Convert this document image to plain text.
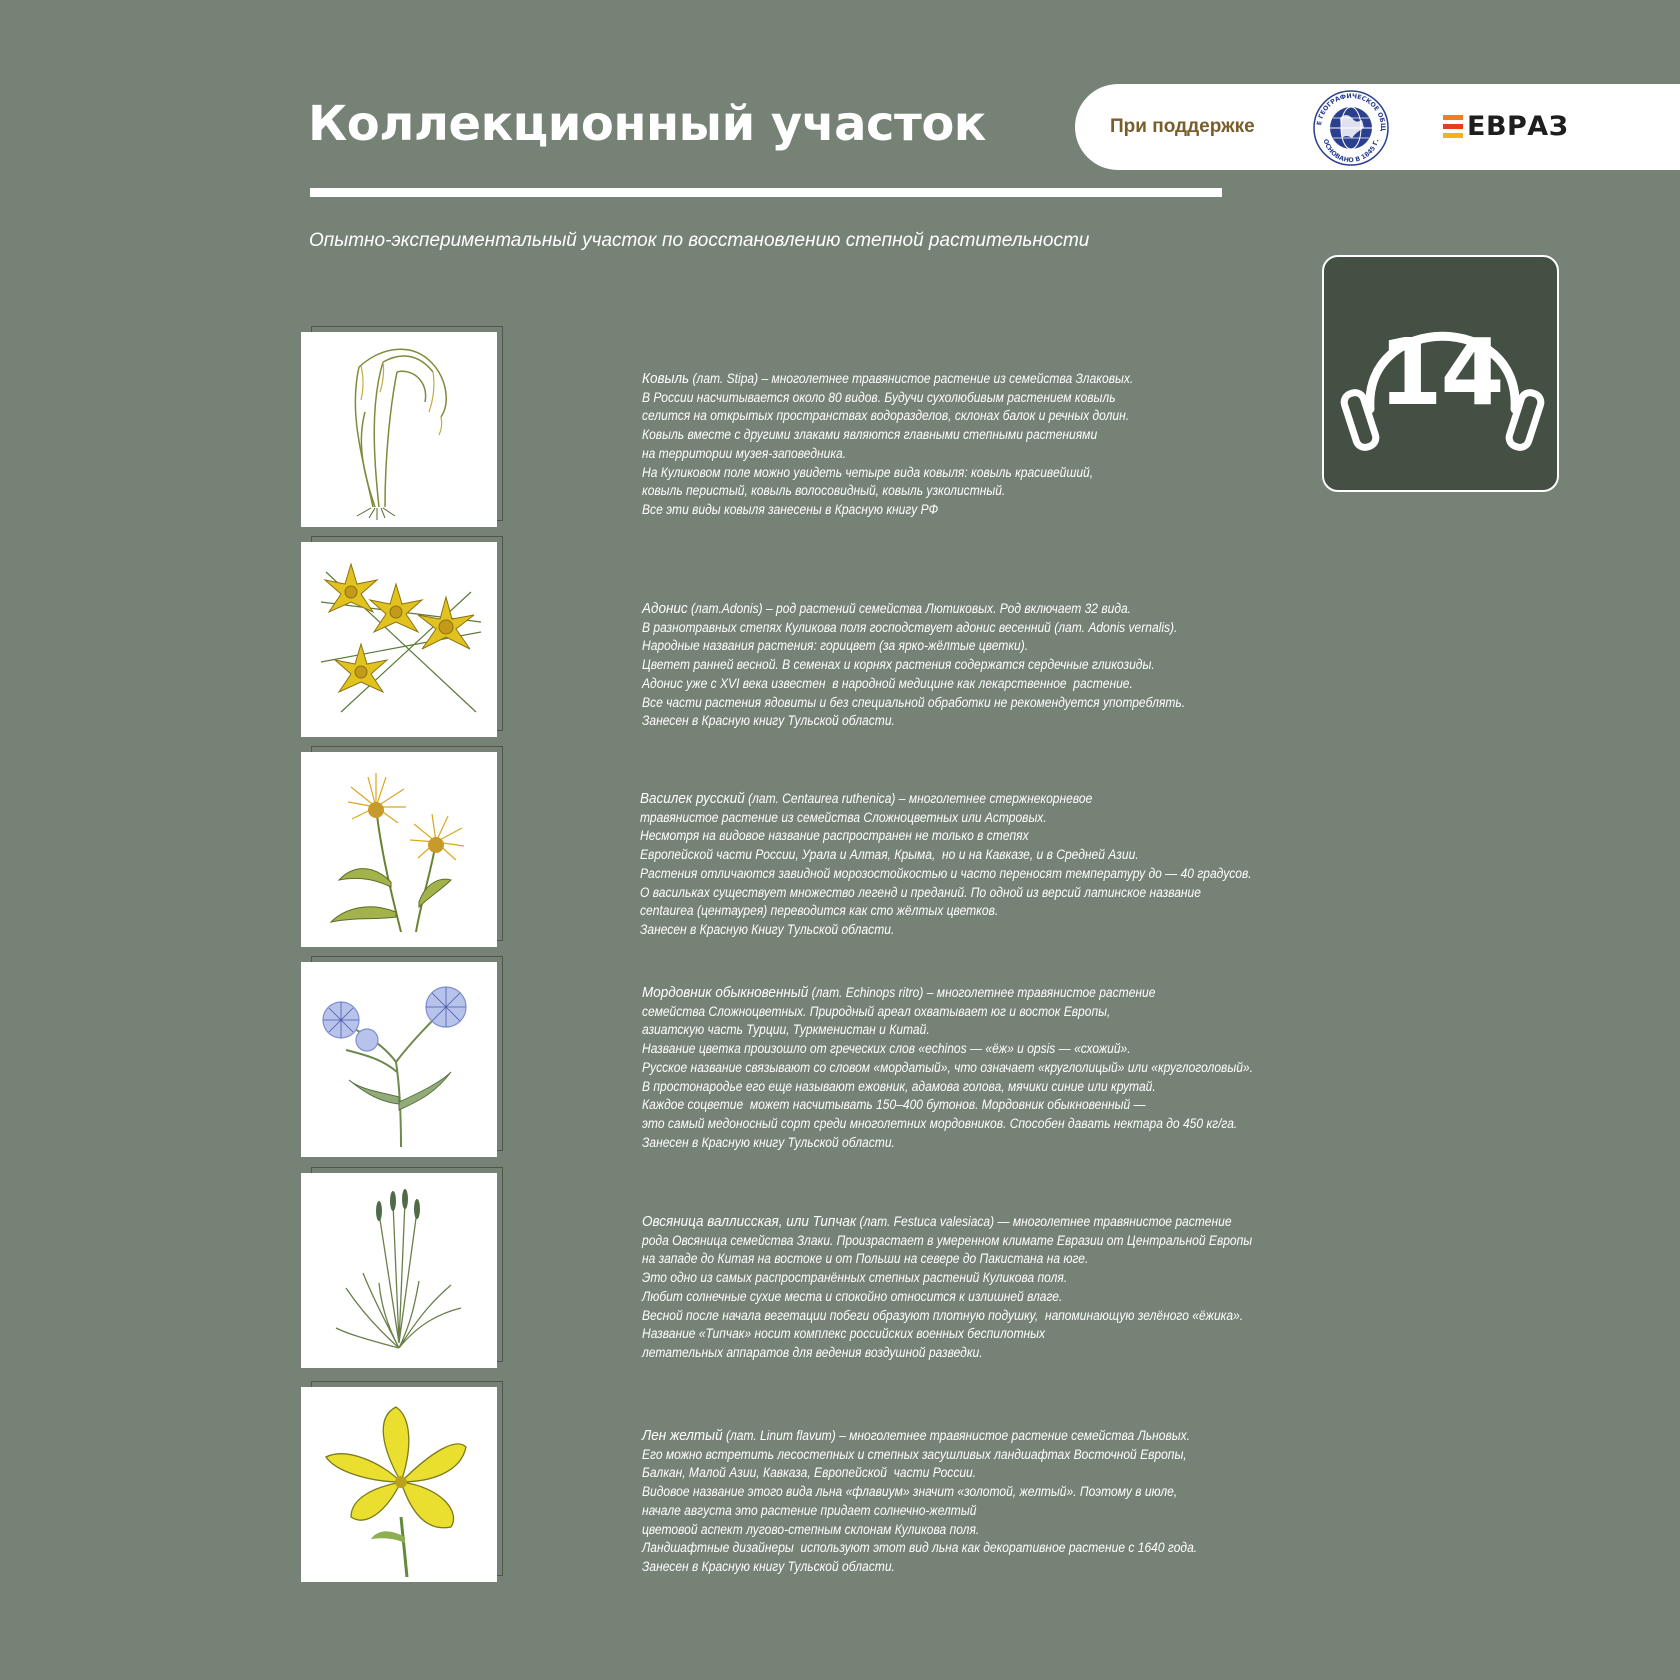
Коллекционный участок
Опытно-экспериментальный участок по восстановлению степной растительности
При поддержке	Е ГЕОГРАФИЧЕСКОЕ ОБЩ
ОСНОВАНО В 1845 Г.	ЕВРАЗ
14
Ковыль (лат. Stipa) – многолетнее травянистое растение из семейства Злаковых.
В России насчитывается около 80 видов. Будучи сухолюбивым растением ковыль
селится на открытых пространствах водоразделов, склонах балок и речных долин.
Ковыль вместе с другими злаками являются главными степными растениями
на территории музея-заповедника.
На Куликовом поле можно увидеть четыре вида ковыля: ковыль красивейший,
ковыль перистый, ковыль волосовидный, ковыль узколистный.
Все эти виды ковыля занесены в Красную книгу РФ
Адонис (лат.Adonis) – род растений семейства Лютиковых. Род включает 32 вида.
В разнотравных степях Куликова поля господствует адонис весенний (лат. Adonis vernalis).
Народные названия растения: горицвет (за ярко-жёлтые цветки).
Цветет ранней весной. В семенах и корнях растения содержатся сердечные гликозиды.
Адонис уже с XVI века известен  в народной медицине как лекарственное  растение.
Все части растения ядовиты и без специальной обработки не рекомендуется употреблять.
Занесен в Красную книгу Тульской области.
Василек русский (лат. Centaurea ruthenica) – многолетнее стержнекорневое
травянистое растение из семейства Сложноцветных или Астровых.
Несмотря на видовое название распространен не только в степях
Европейской части России, Урала и Алтая, Крыма,  но и на Кавказе, и в Средней Азии.
Растения отличаются завидной морозостойкостью и часто переносят температуру до — 40 градусов.
О васильках существует множество легенд и преданий. По одной из версий латинское название
centaurea (центаурея) переводится как сто жёлтых цветков.
Занесен в Красную Книгу Тульской области.
Мордовник обыкновенный (лат. Echinops ritro) – многолетнее травянистое растение
семейства Сложноцветных. Природный ареал охватывает юг и восток Европы,
азиатскую часть Турции, Туркменистан и Китай.
Название цветка произошло от греческих слов «echinos — «ёж» и opsis — «схожий».
Русское название связывают со словом «мордатый», что означает «круглолицый» или «круглоголовый».
В простонародье его еще называют ежовник, адамова голова, мячики синие или крутай.
Каждое соцветие  может насчитывать 150–400 бутонов. Мордовник обыкновенный —
это самый медоносный сорт среди многолетних мордовников. Способен давать нектара до 450 кг/га.
Занесен в Красную книгу Тульской области.
Овсяница валлисская, или Типчак (лат. Festuca valesiaca) — многолетнее травянистое растение
рода Овсяница семейства Злаки. Произрастает в умеренном климате Евразии от Центральной Европы
на западе до Китая на востоке и от Польши на севере до Пакистана на юге.
Это одно из самых распространённых степных растений Куликова поля.
Любит солнечные сухие места и спокойно относится к излишней влаге.
Весной после начала вегетации побеги образуют плотную подушку,  напоминающую зелёного «ёжика».
Название «Типчак» носит комплекс российских военных беспилотных
летательных аппаратов для ведения воздушной разведки.
Лен желтый (лат. Linum flavum) – многолетнее травянистое растение семейства Льновых.
Его можно встретить лесостепных и степных засушливых ландшафтах Восточной Европы,
Балкан, Малой Азии, Кавказа, Европейской  части России.
Видовое название этого вида льна «флавиум» значит «золотой, желтый». Поэтому в июле,
начале августа это растение придает солнечно-желтый
цветовой аспект лугово-степным склонам Куликова поля.
Ландшафтные дизайнеры  используют этот вид льна как декоративное растение с 1640 года.
Занесен в Красную книгу Тульской области.
